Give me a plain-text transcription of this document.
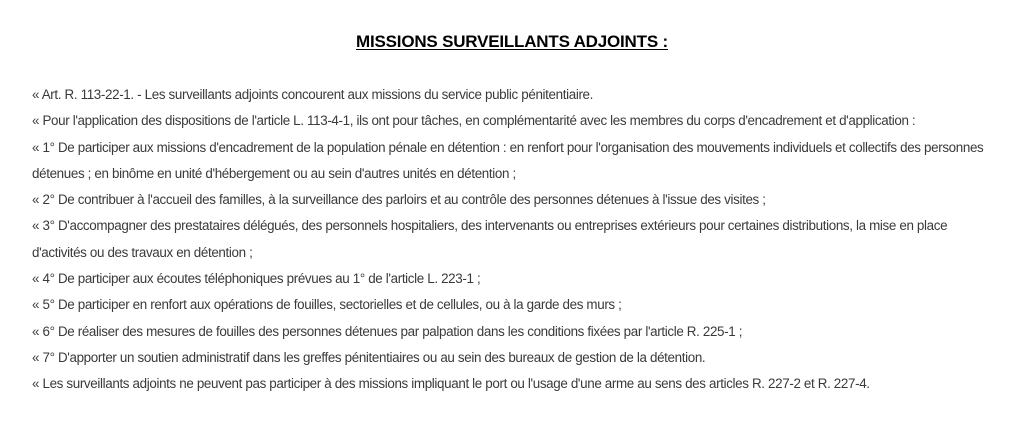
MISSIONS SURVEILLANTS ADJOINTS :

« Art. R. 113-22-1. - Les surveillants adjoints concourent aux missions du service public pénitentiaire.

« Pour l'application des dispositions de l'article L. 113-4-1, ils ont pour tâches, en complémentarité avec les membres du corps d'encadrement et d'application :

« 1° De participer aux missions d'encadrement de la population pénale en détention : en renfort pour l'organisation des mouvements individuels et collectifs des personnes détenues ; en binôme en unité d'hébergement ou au sein d'autres unités en détention ;

« 2° De contribuer à l'accueil des familles, à la surveillance des parloirs et au contrôle des personnes détenues à l'issue des visites ;

« 3° D'accompagner des prestataires délégués, des personnels hospitaliers, des intervenants ou entreprises extérieurs pour certaines distributions, la mise en place d'activités ou des travaux en détention ;

« 4° De participer aux écoutes téléphoniques prévues au 1° de l'article L. 223-1 ;

« 5° De participer en renfort aux opérations de fouilles, sectorielles et de cellules, ou à la garde des murs ;

« 6° De réaliser des mesures de fouilles des personnes détenues par palpation dans les conditions fixées par l'article R. 225-1 ;

« 7° D'apporter un soutien administratif dans les greffes pénitentiaires ou au sein des bureaux de gestion de la détention.

« Les surveillants adjoints ne peuvent pas participer à des missions impliquant le port ou l'usage d'une arme au sens des articles R. 227-2 et R. 227-4.
